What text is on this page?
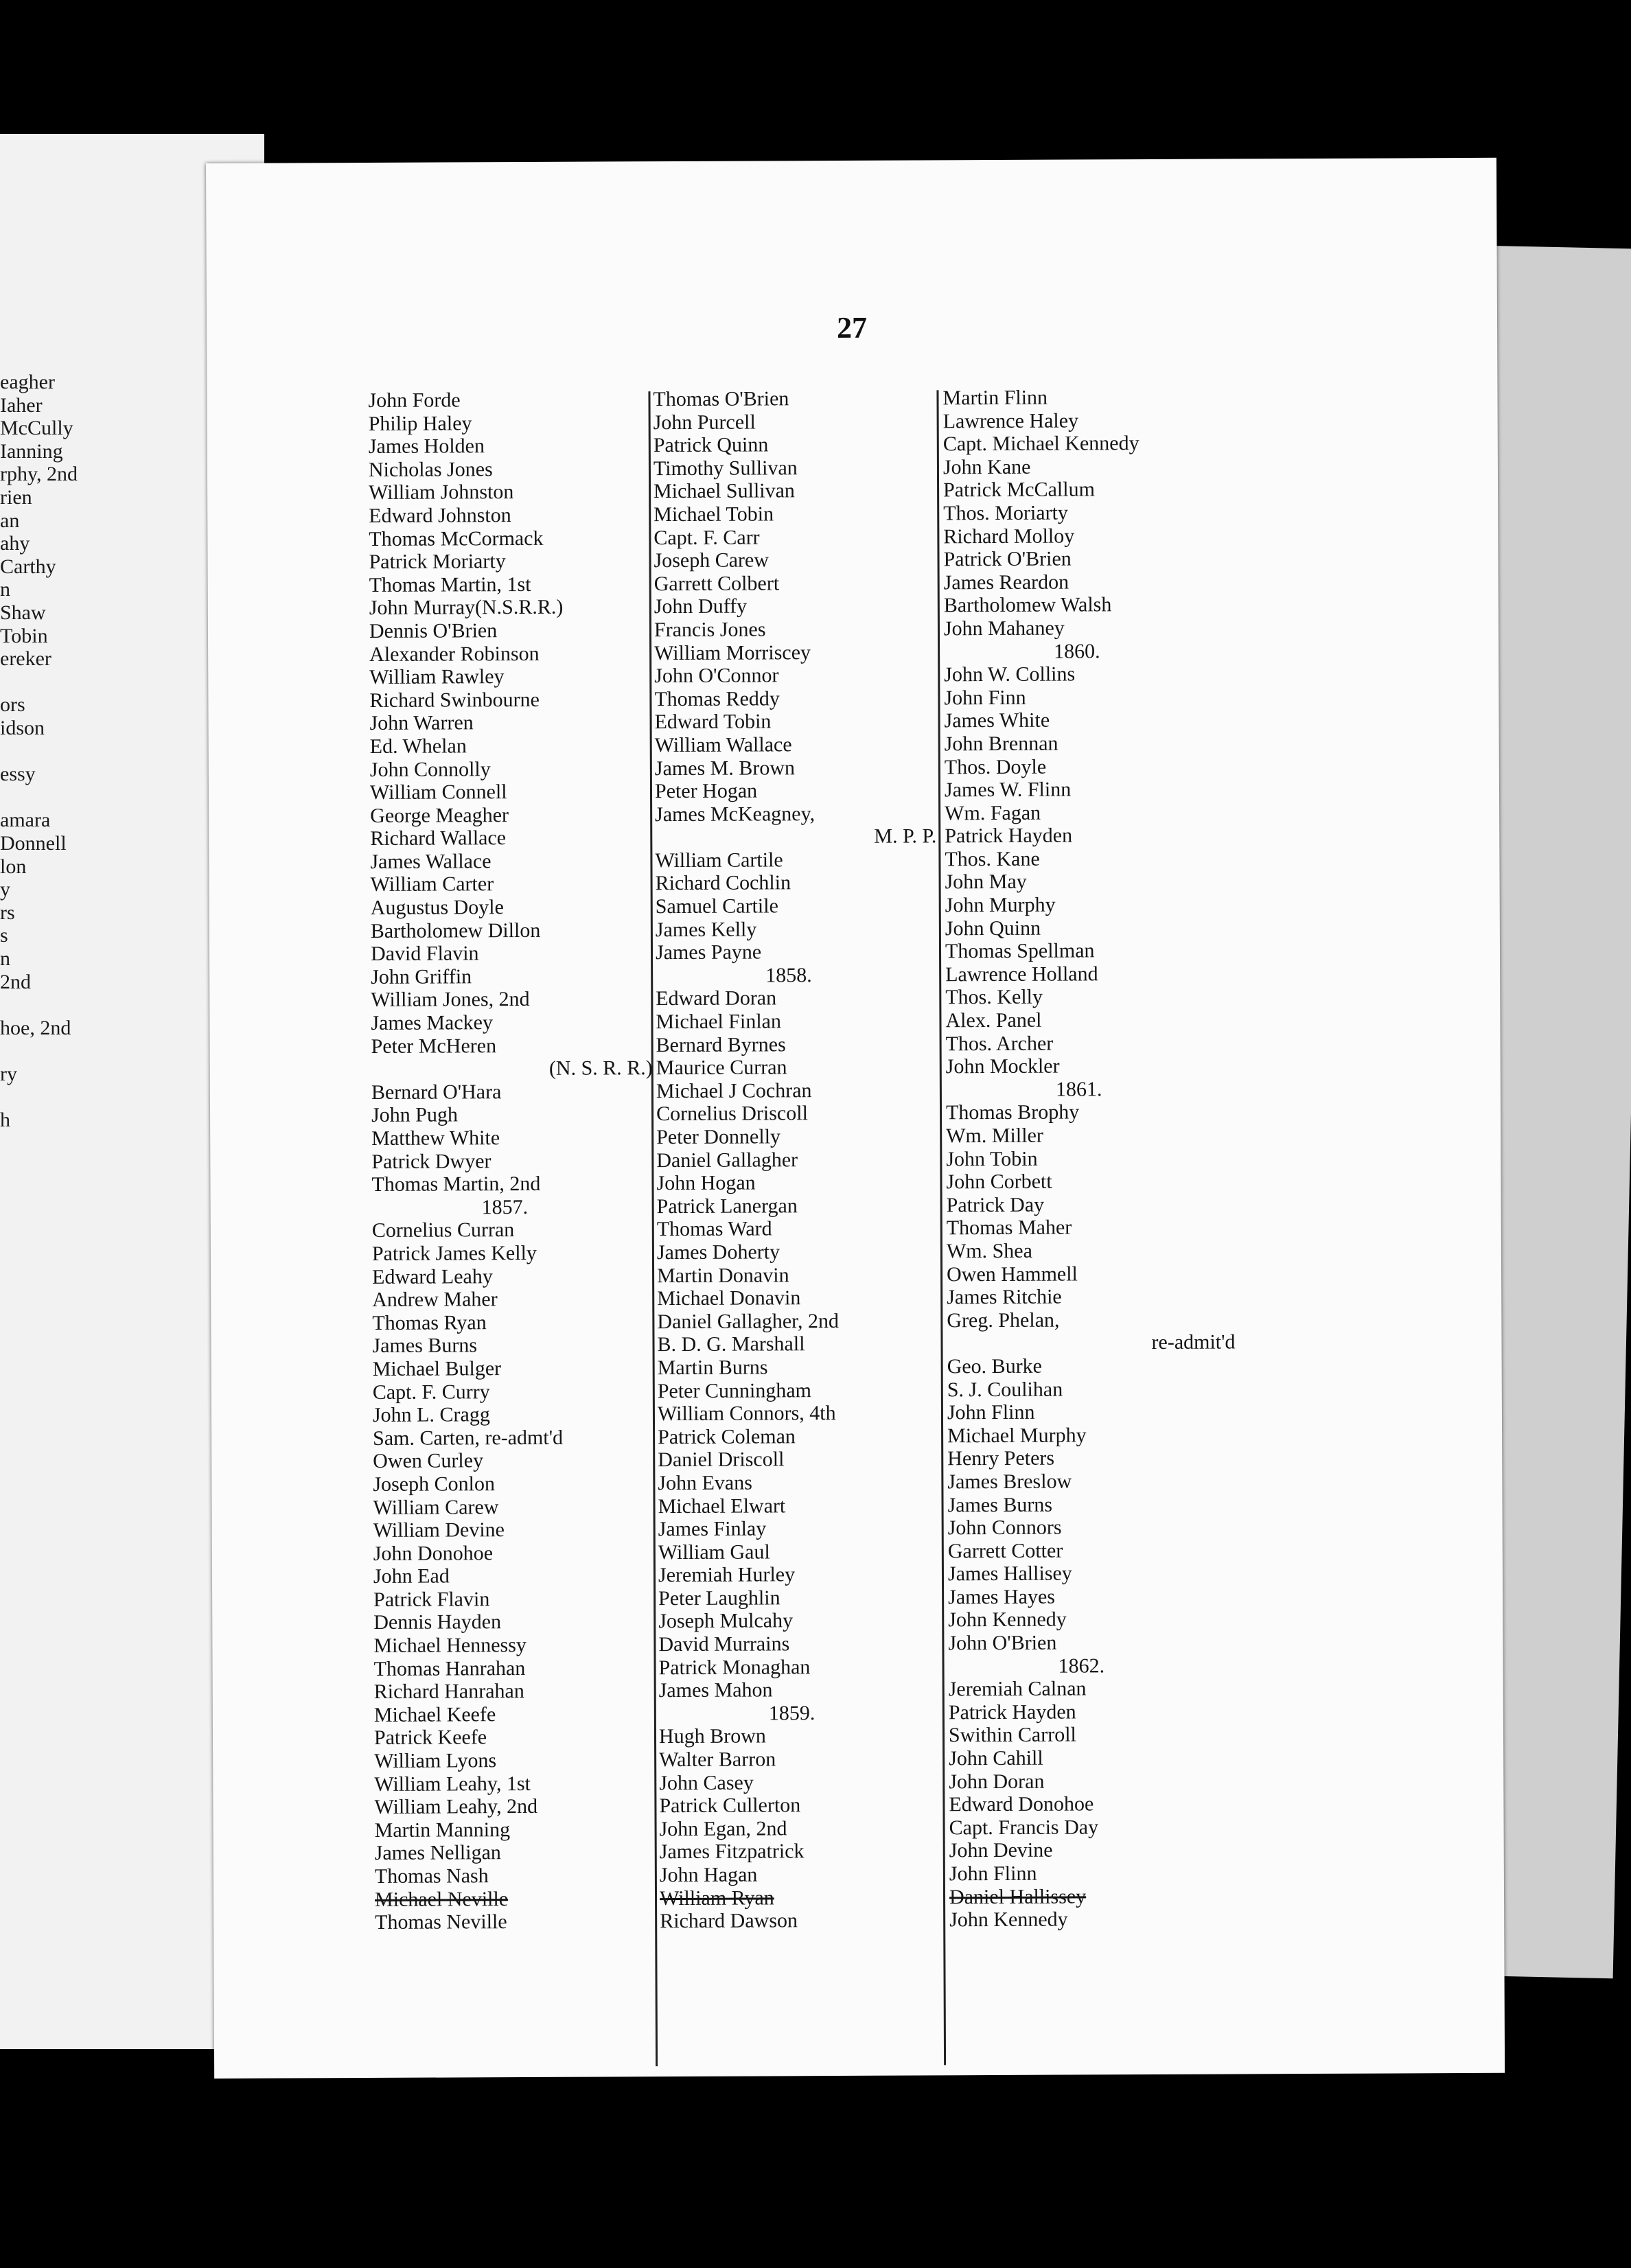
eagher
Iaher
McCully
Ianning
rphy, 2nd
rien
an
ahy
Carthy
n
Shaw
Tobin
ereker
ors
idson
essy
amara
Donnell
lon
y
rs
s
n
2nd
hoe, 2nd
ry
h
27
John Forde
Philip Haley
James Holden
Nicholas Jones
William Johnston
Edward Johnston
Thomas McCormack
Patrick Moriarty
Thomas Martin, 1st
John Murray(N.S.R.R.)
Dennis O'Brien
Alexander Robinson
William Rawley
Richard Swinbourne
John Warren
Ed. Whelan
John Connolly
William Connell
George Meagher
Richard Wallace
James Wallace
William Carter
Augustus Doyle
Bartholomew Dillon
David Flavin
John Griffin
William Jones, 2nd
James Mackey
Peter McHeren
(N. S. R. R.)
Bernard O'Hara
John Pugh
Matthew White
Patrick Dwyer
Thomas Martin, 2nd
1857.
Cornelius Curran
Patrick James Kelly
Edward Leahy
Andrew Maher
Thomas Ryan
James Burns
Michael Bulger
Capt. F. Curry
John L. Cragg
Sam. Carten, re-admt'd
Owen Curley
Joseph Conlon
William Carew
William Devine
John Donohoe
John Ead
Patrick Flavin
Dennis Hayden
Michael Hennessy
Thomas Hanrahan
Richard Hanrahan
Michael Keefe
Patrick Keefe
William Lyons
William Leahy, 1st
William Leahy, 2nd
Martin Manning
James Nelligan
Thomas Nash
Michael Neville
Thomas Neville
Thomas O'Brien
John Purcell
Patrick Quinn
Timothy Sullivan
Michael Sullivan
Michael Tobin
Capt. F. Carr
Joseph Carew
Garrett Colbert
John Duffy
Francis Jones
William Morriscey
John O'Connor
Thomas Reddy
Edward Tobin
William Wallace
James M. Brown
Peter Hogan
James McKeagney,
M. P. P.
William Cartile
Richard Cochlin
Samuel Cartile
James Kelly
James Payne
1858.
Edward Doran
Michael Finlan
Bernard Byrnes
Maurice Curran
Michael J Cochran
Cornelius Driscoll
Peter Donnelly
Daniel Gallagher
John Hogan
Patrick Lanergan
Thomas Ward
James Doherty
Martin Donavin
Michael Donavin
Daniel Gallagher, 2nd
B. D. G. Marshall
Martin Burns
Peter Cunningham
William Connors, 4th
Patrick Coleman
Daniel Driscoll
John Evans
Michael Elwart
James Finlay
William Gaul
Jeremiah Hurley
Peter Laughlin
Joseph Mulcahy
David Murrains
Patrick Monaghan
James Mahon
1859.
Hugh Brown
Walter Barron
John Casey
Patrick Cullerton
John Egan, 2nd
James Fitzpatrick
John Hagan
William Ryan
Richard Dawson
Martin Flinn
Lawrence Haley
Capt. Michael Kennedy
John Kane
Patrick McCallum
Thos. Moriarty
Richard Molloy
Patrick O'Brien
James Reardon
Bartholomew Walsh
John Mahaney
1860.
John W. Collins
John Finn
James White
John Brennan
Thos. Doyle
James W. Flinn
Wm. Fagan
Patrick Hayden
Thos. Kane
John May
John Murphy
John Quinn
Thomas Spellman
Lawrence Holland
Thos. Kelly
Alex. Panel
Thos. Archer
John Mockler
1861.
Thomas Brophy
Wm. Miller
John Tobin
John Corbett
Patrick Day
Thomas Maher
Wm. Shea
Owen Hammell
James Ritchie
Greg. Phelan,
re-admit'd
Geo. Burke
S. J. Coulihan
John Flinn
Michael Murphy
Henry Peters
James Breslow
James Burns
John Connors
Garrett Cotter
James Hallisey
James Hayes
John Kennedy
John O'Brien
1862.
Jeremiah Calnan
Patrick Hayden
Swithin Carroll
John Cahill
John Doran
Edward Donohoe
Capt. Francis Day
John Devine
John Flinn
Daniel Hallissey
John Kennedy
